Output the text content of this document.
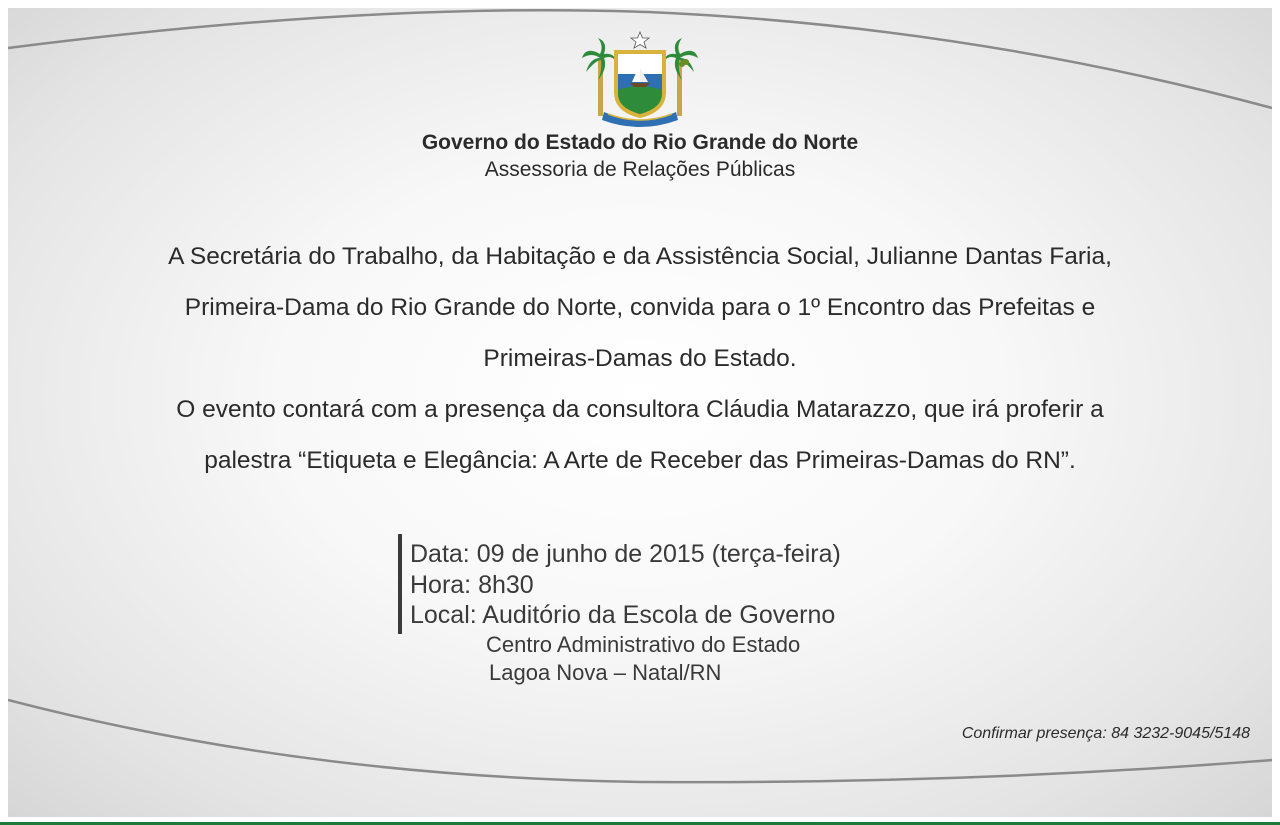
Governo do Estado do Rio Grande do Norte
Assessoria de Relações Públicas
A Secretária do Trabalho, da Habitação e da Assistência Social, Julianne Dantas Faria,
Primeira-Dama do Rio Grande do Norte, convida para o 1º Encontro das Prefeitas e
Primeiras-Damas do Estado.
O evento contará com a presença da consultora Cláudia Matarazzo, que irá proferir a
palestra “Etiqueta e Elegância: A Arte de Receber das Primeiras-Damas do RN”.
Data: 09 de junho de 2015 (terça-feira)
Hora: 8h30
Local: Auditório da Escola de Governo
Centro Administrativo do Estado
Lagoa Nova – Natal/RN
Confirmar presença: 84 3232-9045/5148
